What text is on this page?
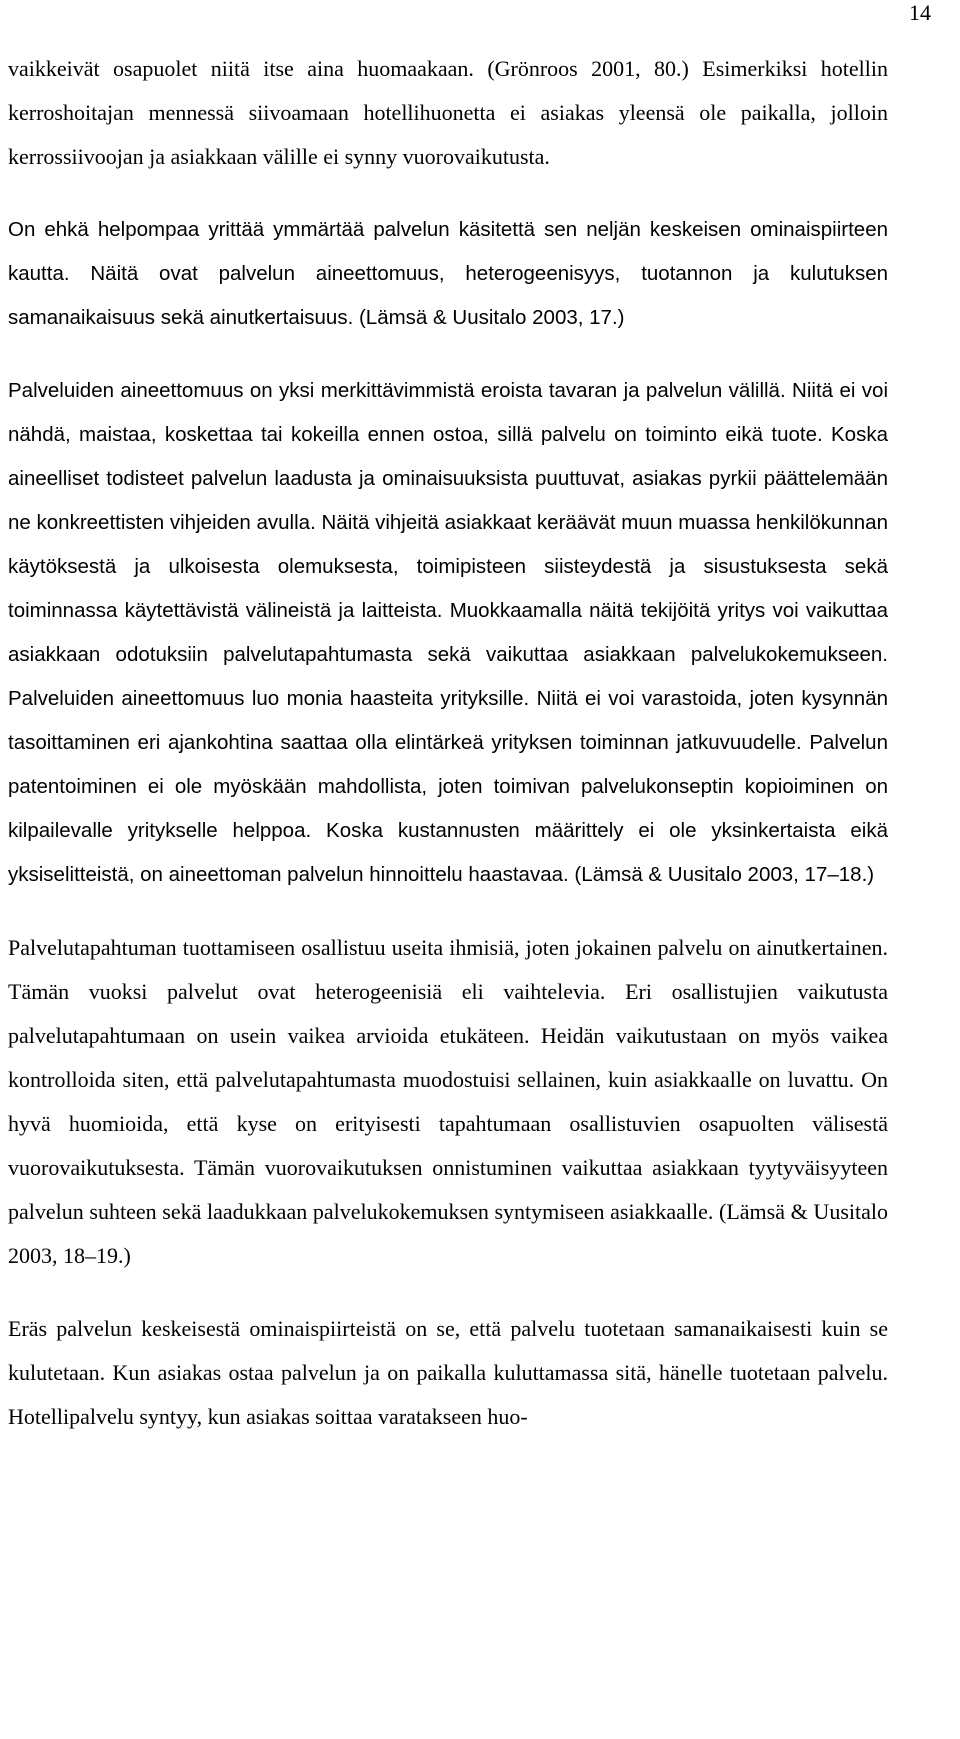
14

vaikkeivät osapuolet niitä itse aina huomaakaan. (Grönroos 2001, 80.) Esimerkiksi hotellin kerroshoitajan mennessä siivoamaan hotellihuonetta ei asiakas yleensä ole paikalla, jolloin kerrossiivoojan ja asiakkaan välille ei synny vuorovaikutusta.

On ehkä helpompaa yrittää ymmärtää palvelun käsitettä sen neljän keskeisen ominaispiirteen kautta. Näitä ovat palvelun aineettomuus, heterogeenisyys, tuotannon ja kulutuksen samanaikaisuus sekä ainutkertaisuus. (Lämsä & Uusitalo 2003, 17.)

Palveluiden aineettomuus on yksi merkittävimmistä eroista tavaran ja palvelun välillä. Niitä ei voi nähdä, maistaa, koskettaa tai kokeilla ennen ostoa, sillä palvelu on toiminto eikä tuote. Koska aineelliset todisteet palvelun laadusta ja ominaisuuksista puuttuvat, asiakas pyrkii päättelemään ne konkreettisten vihjeiden avulla. Näitä vihjeitä asiakkaat keräävät muun muassa henkilökunnan käytöksestä ja ulkoisesta olemuksesta, toimipisteen siisteydestä ja sisustuksesta sekä toiminnassa käytettävistä välineistä ja laitteista. Muokkaamalla näitä tekijöitä yritys voi vaikuttaa asiakkaan odotuksiin palvelutapahtumasta sekä vaikuttaa asiakkaan palvelukokemukseen. Palveluiden aineettomuus luo monia haasteita yrityksille. Niitä ei voi varastoida, joten kysynnän tasoittaminen eri ajankohtina saattaa olla elintärkeä yrityksen toiminnan jatkuvuudelle. Palvelun patentoiminen ei ole myöskään mahdollista, joten toimivan palvelukonseptin kopioiminen on kilpailevalle yritykselle helppoa. Koska kustannusten määrittely ei ole yksinkertaista eikä yksiselitteistä, on aineettoman palvelun hinnoittelu haastavaa. (Lämsä & Uusitalo 2003, 17–18.)

Palvelutapahtuman tuottamiseen osallistuu useita ihmisiä, joten jokainen palvelu on ainutkertainen. Tämän vuoksi palvelut ovat heterogeenisiä eli vaihtelevia. Eri osallistujien vaikutusta palvelutapahtumaan on usein vaikea arvioida etukäteen. Heidän vaikutustaan on myös vaikea kontrolloida siten, että palvelutapahtumasta muodostuisi sellainen, kuin asiakkaalle on luvattu. On hyvä huomioida, että kyse on erityisesti tapahtumaan osallistuvien osapuolten välisestä vuorovaikutuksesta. Tämän vuorovaikutuksen onnistuminen vaikuttaa asiakkaan tyytyväisyyteen palvelun suhteen sekä laadukkaan palvelukokemuksen syntymiseen asiakkaalle. (Lämsä & Uusitalo 2003, 18–19.)

Eräs palvelun keskeisestä ominaispiirteistä on se, että palvelu tuotetaan samanaikaisesti kuin se kulutetaan. Kun asiakas ostaa palvelun ja on paikalla kuluttamassa sitä, hänelle tuotetaan palvelu. Hotellipalvelu syntyy, kun asiakas soittaa varatakseen huo-
